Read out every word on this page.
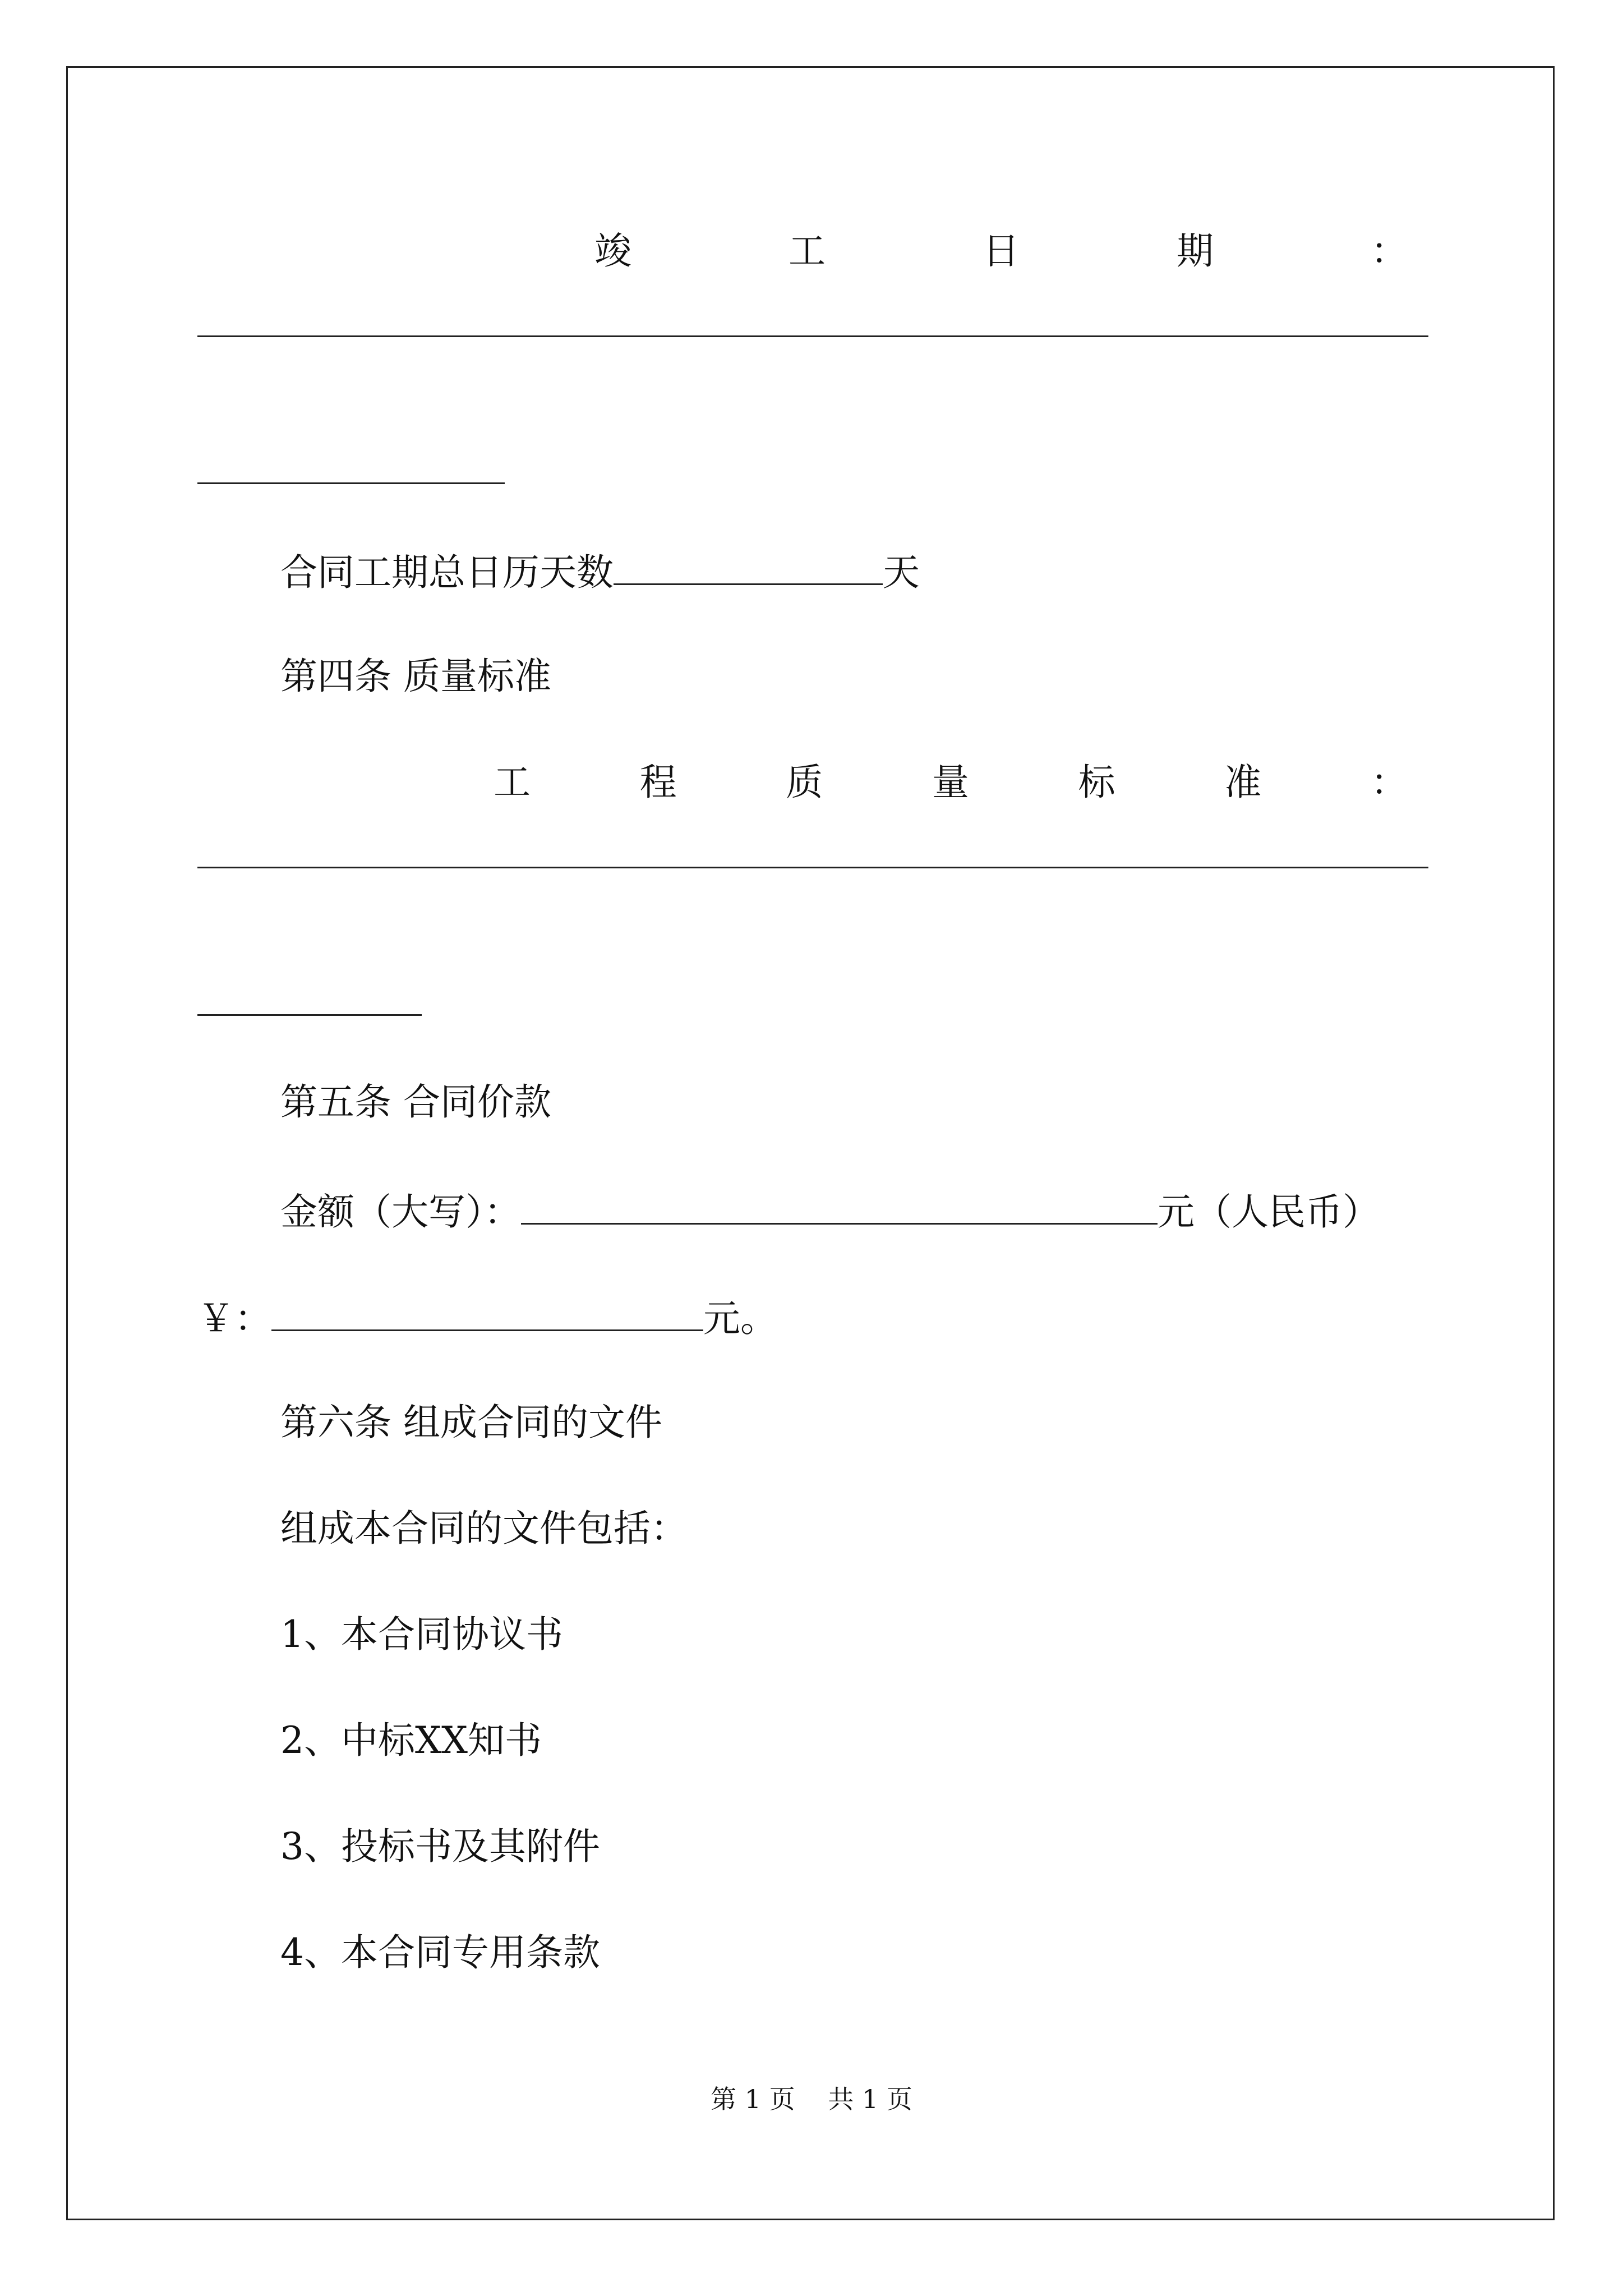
竣	工	日	期	：
合同工期总日历天数	天
第四条 质量标准
工	程	质	量	标	准	：
第五条 合同价款
金额（大写）：	元（人民币）
￥：	元。
第六条 组成合同的文件
组成本合同的文件包括：
1、本合同协议书
2、中标XX知书
3、投标书及其附件
4、本合同专用条款
第 1 页 共 1 页
